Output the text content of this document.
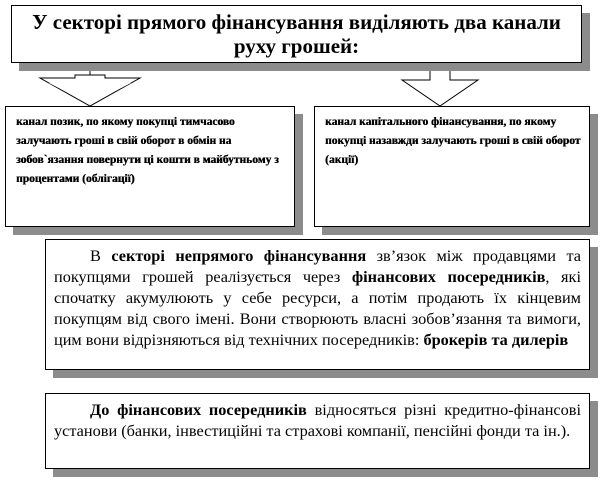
У секторі прямого фінансування виділяють два канали руху грошей:
канал позик, по якому покупці тимчасово залучають гроші в свій оборот в обмін на зобов`язання повернути ці кошти в майбутньому з процентами (облігації)
канал капітального фінансування, по якому покупці назавжди залучають гроші в свій оборот (акції)
В секторі непрямого фінансування зв’язок між продавцями та покупцями грошей реалізується через фінансових посередників, які спочатку акумулюють у себе ресурси, а потім продають їх кінцевим покупцям від свого імені. Вони створюють власні зобов’язання та вимоги, цим вони відрізняються від технічних посередників: брокерів та дилерів
До фінансових посередників відносяться різні кредитно-фінансові установи (банки, інвестиційні та страхові компанії, пенсійні фонди та ін.).
